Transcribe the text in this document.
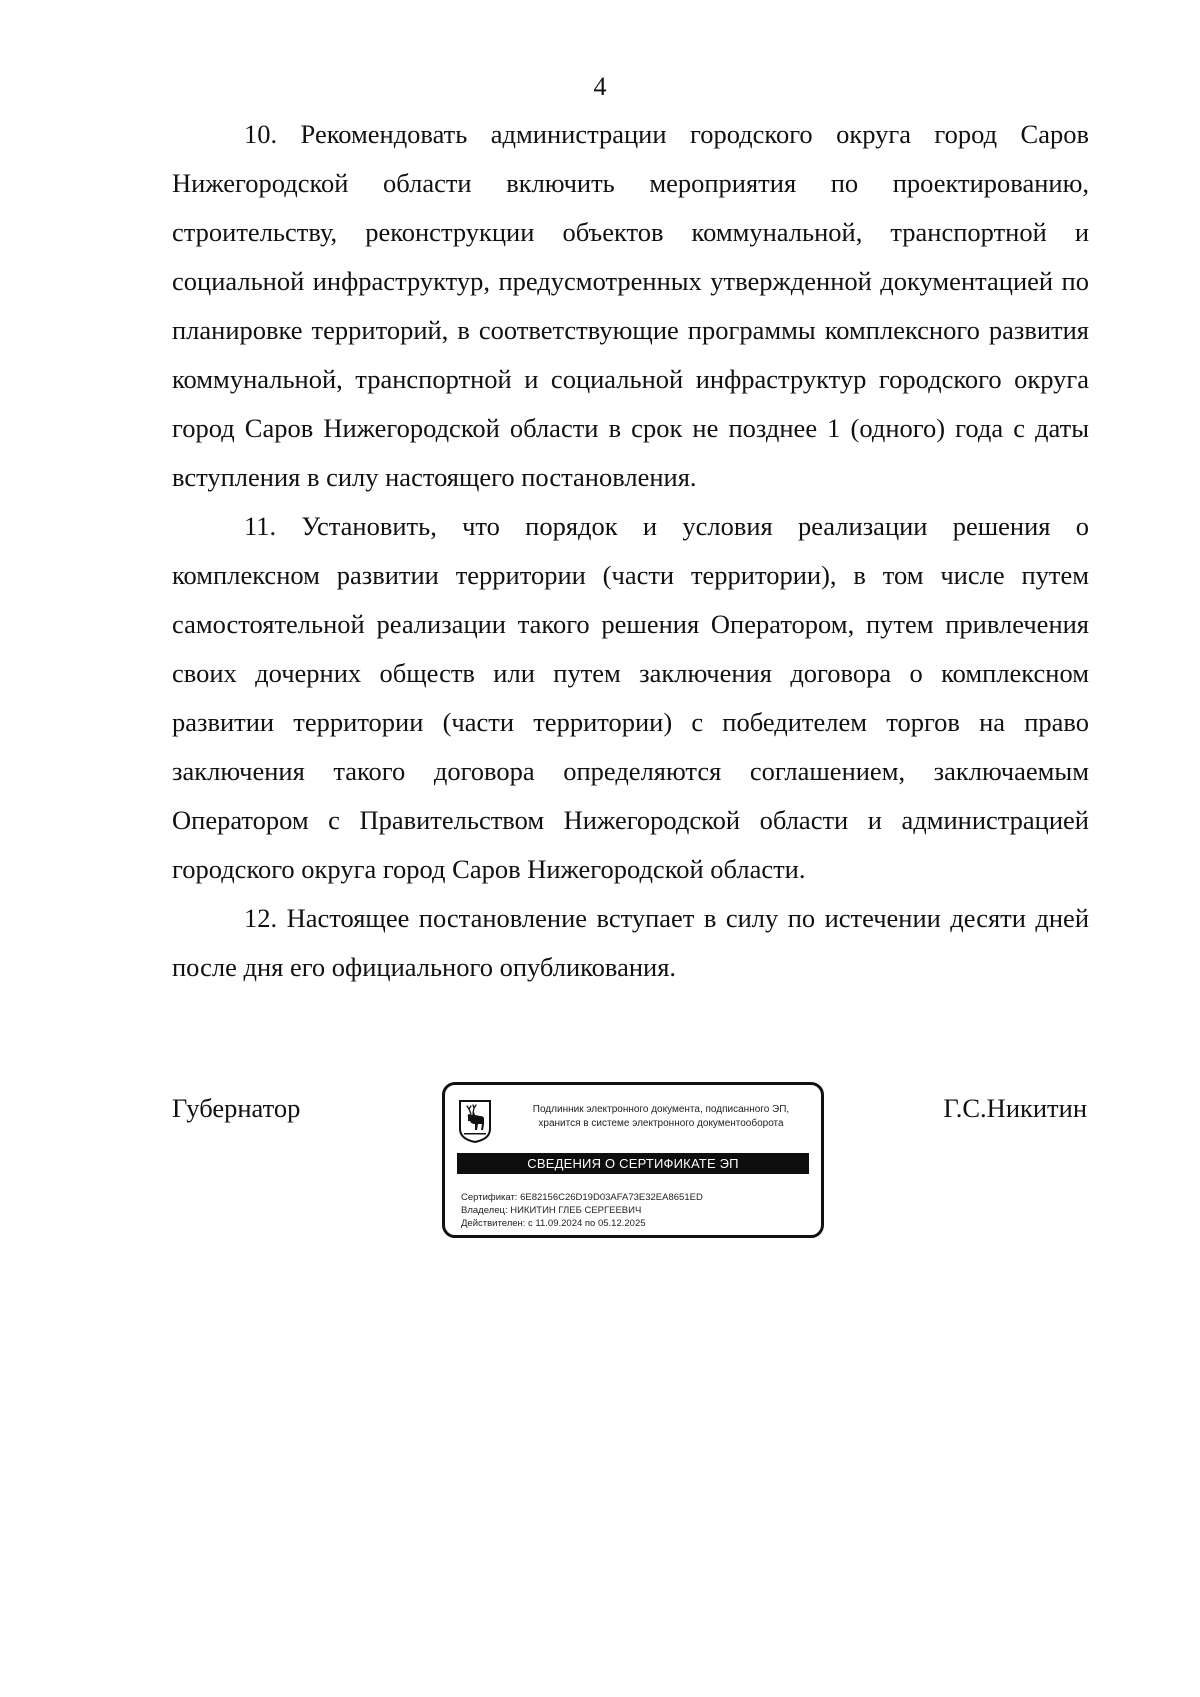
4

10. Рекомендовать администрации городского округа город Саров Нижегородской области включить мероприятия по проектированию, строительству, реконструкции объектов коммунальной, транспортной и социальной инфраструктур, предусмотренных утвержденной документацией по планировке территорий, в соответствующие программы комплексного развития коммунальной, транспортной и социальной инфраструктур городского округа город Саров Нижегородской области в срок не позднее 1 (одного) года с даты вступления в силу настоящего постановления.

11. Установить, что порядок и условия реализации решения о комплексном развитии территории (части территории), в том числе путем самостоятельной реализации такого решения Оператором, путем привлечения своих дочерних обществ или путем заключения договора о комплексном развитии территории (части территории) с победителем торгов на право заключения такого договора определяются соглашением, заключаемым Оператором с Правительством Нижегородской области и администрацией городского округа город Саров Нижегородской области.

12. Настоящее постановление вступает в силу по истечении десяти дней после дня его официального опубликования.

Губернатор	Г.С.Никитин
Подлинник электронного документа, подписанного ЭП,
хранится в системе электронного документооборота
СВЕДЕНИЯ О СЕРТИФИКАТЕ ЭП
Сертификат: 6E82156C26D19D03AFA73E32EA8651ED
Владелец: НИКИТИН ГЛЕБ СЕРГЕЕВИЧ
Действителен: с 11.09.2024 по 05.12.2025
